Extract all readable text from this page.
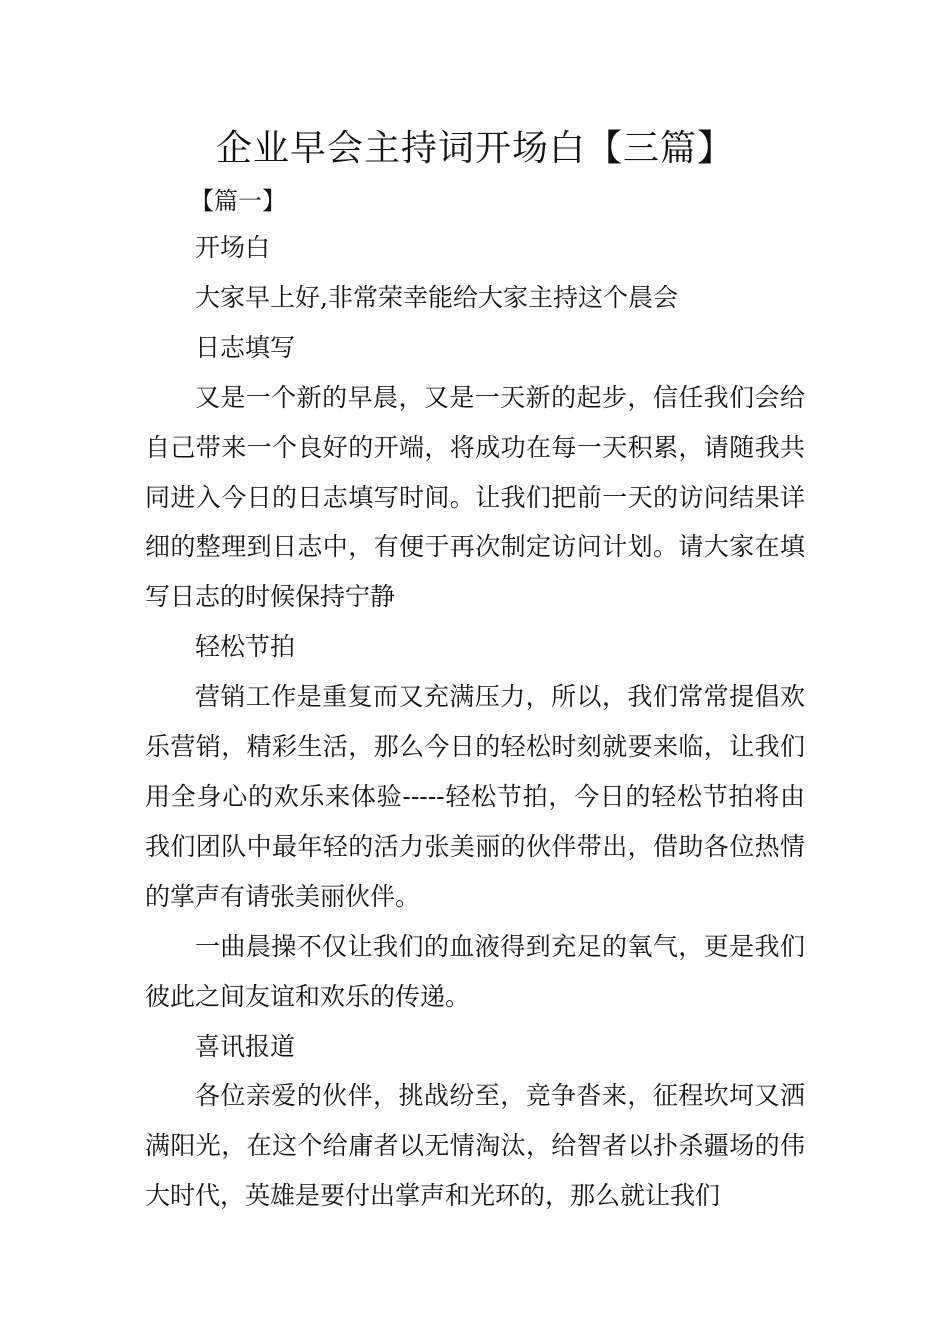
企业早会主持词开场白【三篇】
【篇一】

开场白

大家早上好,非常荣幸能给大家主持这个晨会

日志填写

又是一个新的早晨，又是一天新的起步，信任我们会给自己带来一个良好的开端，将成功在每一天积累，请随我共同进入今日的日志填写时间。让我们把前一天的访问结果详细的整理到日志中，有便于再次制定访问计划。请大家在填写日志的时候保持宁静

轻松节拍

营销工作是重复而又充满压力，所以，我们常常提倡欢乐营销，精彩生活，那么今日的轻松时刻就要来临，让我们用全身心的欢乐来体验-----轻松节拍，今日的轻松节拍将由我们团队中最年轻的活力张美丽的伙伴带出，借助各位热情的掌声有请张美丽伙伴。

一曲晨操不仅让我们的血液得到充足的氧气，更是我们彼此之间友谊和欢乐的传递。

喜讯报道

各位亲爱的伙伴，挑战纷至，竞争沓来，征程坎坷又洒满阳光，在这个给庸者以无情淘汰，给智者以扑杀疆场的伟大时代，英雄是要付出掌声和光环的，那么就让我们
